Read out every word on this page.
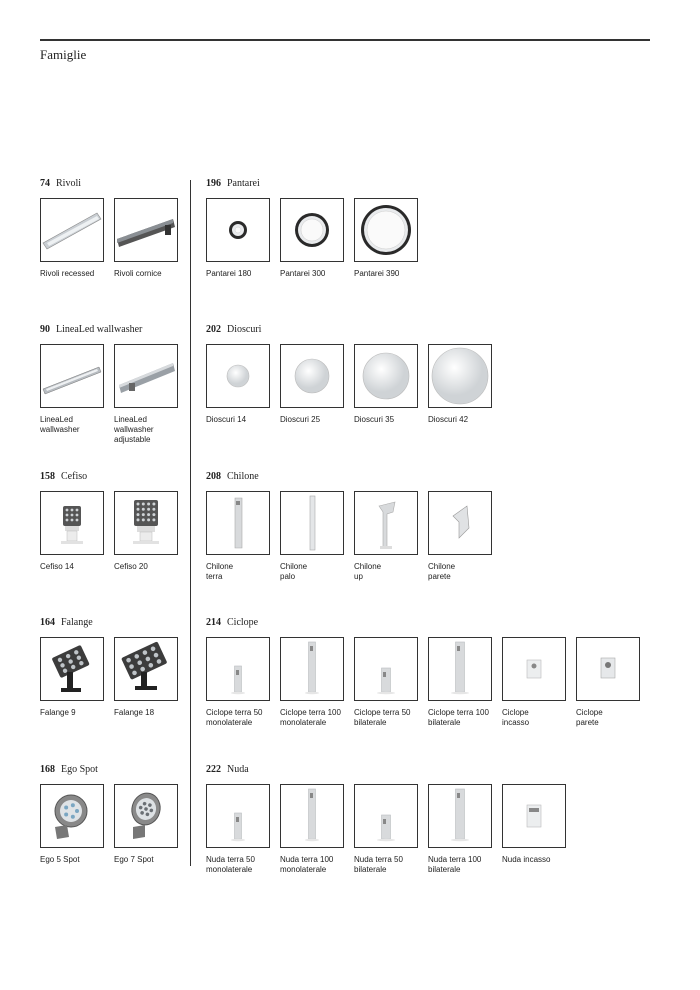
Famiglie
74 Rivoli
Rivoli recessed	Rivoli cornice
90 LineaLed wallwasher
LineaLed
wallwasher
LineaLed
wallwasher
adjustable
158 Cefiso
Cefiso 14	Cefiso 20
164 Falange
Falange 9	Falange 18
168 Ego Spot
Ego 5 Spot	Ego 7 Spot
196 Pantarei
Pantarei 180	Pantarei 300	Pantarei 390
202 Dioscuri
Dioscuri 14	Dioscuri 25	Dioscuri 35	Dioscuri 42
208 Chilone
Chilone
terra
Chilone
palo
Chilone
up
Chilone
parete
214 Ciclope
Ciclope terra 50
monolaterale
Ciclope terra 100
monolaterale
Ciclope terra 50
bilaterale
Ciclope terra 100
bilaterale
Ciclope
incasso
Ciclope
parete
222 Nuda
Nuda terra 50
monolaterale
Nuda terra 100
monolaterale
Nuda terra 50
bilaterale
Nuda terra 100
bilaterale
Nuda incasso
